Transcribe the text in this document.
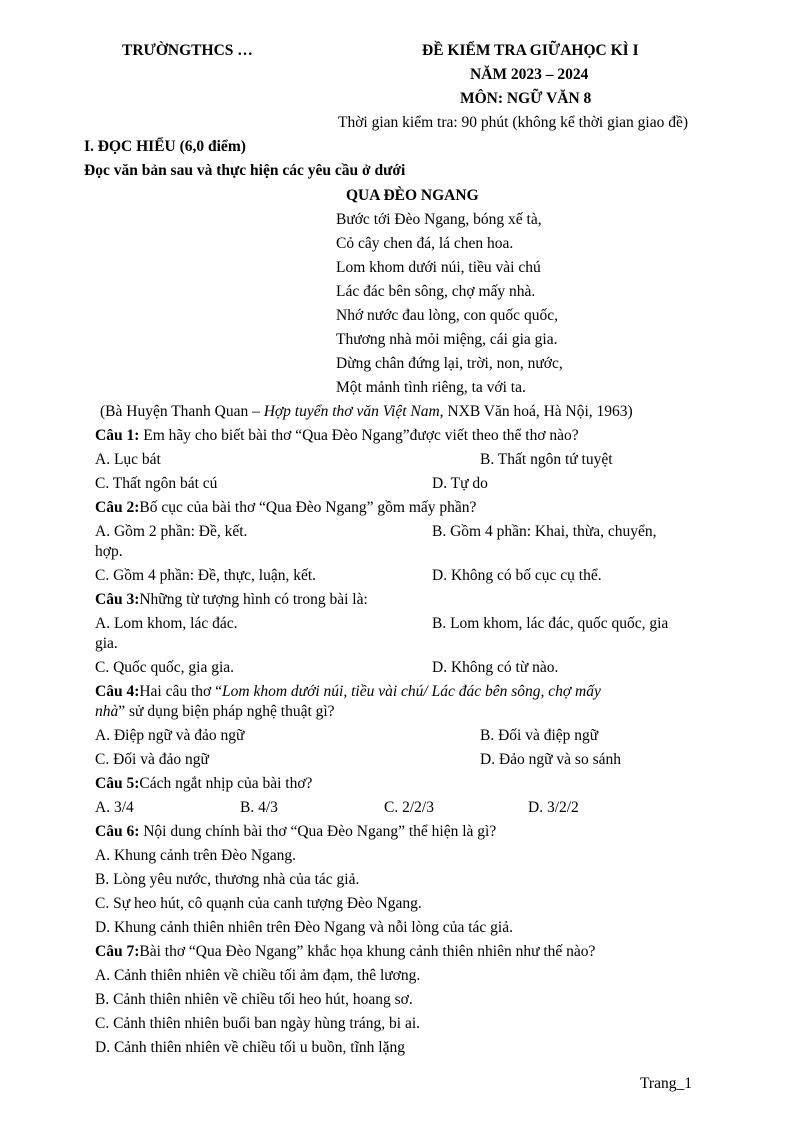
TRƯỜNGTHCS …	ĐỀ KIỂM TRA GIỮAHỌC KÌ I
NĂM 2023 – 2024
MÔN: NGỮ VĂN 8
Thời gian kiểm tra: 90 phút (không kể thời gian giao đề)
I. ĐỌC HIỂU (6,0 điểm)
Đọc văn bản sau và thực hiện các yêu cầu ở dưới
QUA ĐÈO NGANG
Bước tới Đèo Ngang, bóng xế tà,
Cỏ cây chen đá, lá chen hoa.
Lom khom dưới núi, tiều vài chú
Lác đác bên sông, chợ mấy nhà.
Nhớ nước đau lòng, con quốc quốc,
Thương nhà mỏi miệng, cái gia gia.
Dừng chân đứng lại, trời, non, nước,
Một mảnh tình riêng, ta với ta.
(Bà Huyện Thanh Quan – Hợp tuyển thơ văn Việt Nam, NXB Văn hoá, Hà Nội, 1963)
Câu 1: Em hãy cho biết bài thơ “Qua Đèo Ngang”được viết theo thể thơ nào?
A. Lục bát	B. Thất ngôn tứ tuyệt
C. Thất ngôn bát cú	D. Tự do
Câu 2:Bố cục của bài thơ “Qua Đèo Ngang” gồm mấy phần?
A. Gồm 2 phần: Đề, kết.	B. Gồm 4 phần: Khai, thừa, chuyển,
hợp.
C. Gồm 4 phần: Đề, thực, luận, kết.	D. Không có bố cục cụ thể.
Câu 3:Những từ tượng hình có trong bài là:
A. Lom khom, lác đác.	B. Lom khom, lác đác, quốc quốc, gia
gia.
C. Quốc quốc, gia gia.	D. Không có từ nào.
Câu 4:Hai câu thơ “Lom khom dưới núi, tiều vài chú/ Lác đác bên sông, chợ mấy
nhà” sử dụng biện pháp nghệ thuật gì?
A. Điệp ngữ và đảo ngữ	B. Đối và điệp ngữ
C. Đối và đảo ngữ	D. Đảo ngữ và so sánh
Câu 5:Cách ngắt nhịp của bài thơ?
A. 3/4	B. 4/3	C. 2/2/3	D. 3/2/2
Câu 6: Nội dung chính bài thơ “Qua Đèo Ngang” thể hiện là gì?
A. Khung cảnh trên Đèo Ngang.
B. Lòng yêu nước, thương nhà của tác giả.
C. Sự heo hút, cô quạnh của canh tượng Đèo Ngang.
D. Khung cảnh thiên nhiên trên Đèo Ngang và nỗi lòng của tác giả.
Câu 7:Bài thơ “Qua Đèo Ngang” khắc họa khung cảnh thiên nhiên như thế nào?
A. Cảnh thiên nhiên về chiều tối ảm đạm, thê lương.
B. Cảnh thiên nhiên về chiều tối heo hút, hoang sơ.
C. Cảnh thiên nhiên buổi ban ngày hùng tráng, bi ai.
D. Cảnh thiên nhiên về chiều tối u buồn, tĩnh lặng
Trang_1
